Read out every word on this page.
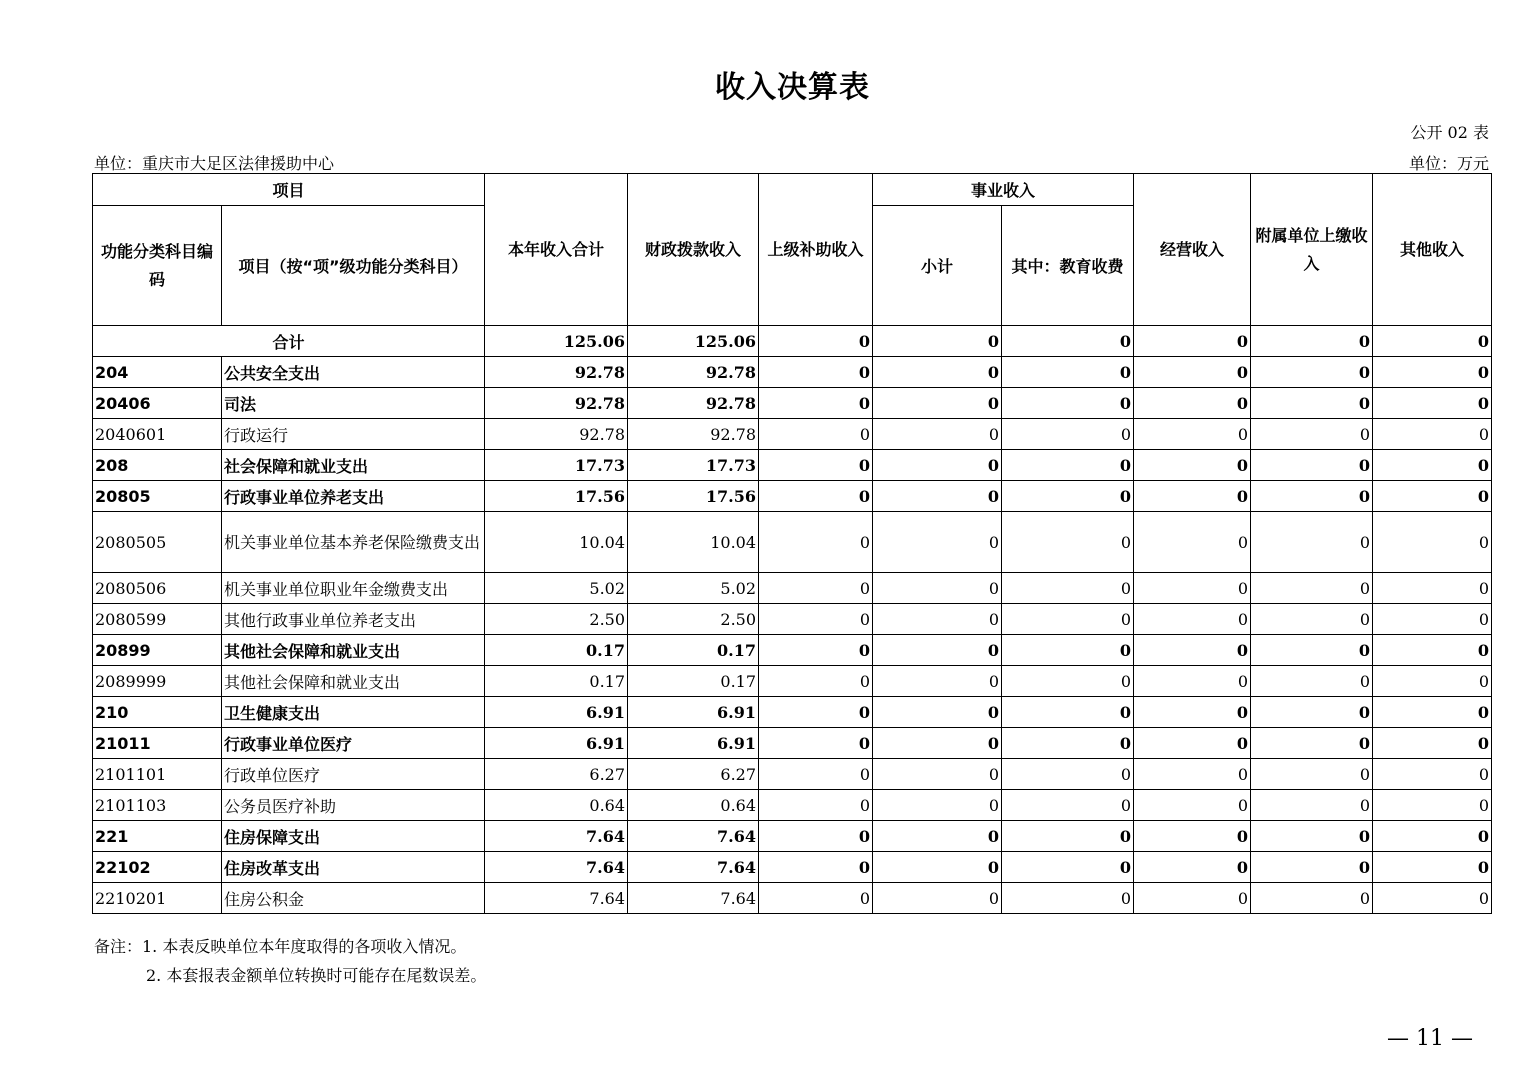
收入决算表
公开 02 表
单位：重庆市大足区法律援助中心	单位：万元
项目		本年收入合计	财政拨款收入	上级补助收入	事业收入		经营收入	附属单位上缴收入	其他收入
功能分类科目编码	项目（按“项”级功能分类科目）				小计	其中：教育收费			
合计		125.06	125.06	0	0	0	0	0	0
204	公共安全支出	92.78	92.78	0	0	0	0	0	0
20406	司法	92.78	92.78	0	0	0	0	0	0
2040601	行政运行	92.78	92.78	0	0	0	0	0	0
208	社会保障和就业支出	17.73	17.73	0	0	0	0	0	0
20805	行政事业单位养老支出	17.56	17.56	0	0	0	0	0	0
2080505	机关事业单位基本养老保险缴费支出	10.04	10.04	0	0	0	0	0	0
2080506	机关事业单位职业年金缴费支出	5.02	5.02	0	0	0	0	0	0
2080599	其他行政事业单位养老支出	2.50	2.50	0	0	0	0	0	0
20899	其他社会保障和就业支出	0.17	0.17	0	0	0	0	0	0
2089999	其他社会保障和就业支出	0.17	0.17	0	0	0	0	0	0
210	卫生健康支出	6.91	6.91	0	0	0	0	0	0
21011	行政事业单位医疗	6.91	6.91	0	0	0	0	0	0
2101101	行政单位医疗	6.27	6.27	0	0	0	0	0	0
2101103	公务员医疗补助	0.64	0.64	0	0	0	0	0	0
221	住房保障支出	7.64	7.64	0	0	0	0	0	0
22102	住房改革支出	7.64	7.64	0	0	0	0	0	0
2210201	住房公积金	7.64	7.64	0	0	0	0	0	0
备注：1. 本表反映单位本年度取得的各项收入情况。
2. 本套报表金额单位转换时可能存在尾数误差。
— 11 —
